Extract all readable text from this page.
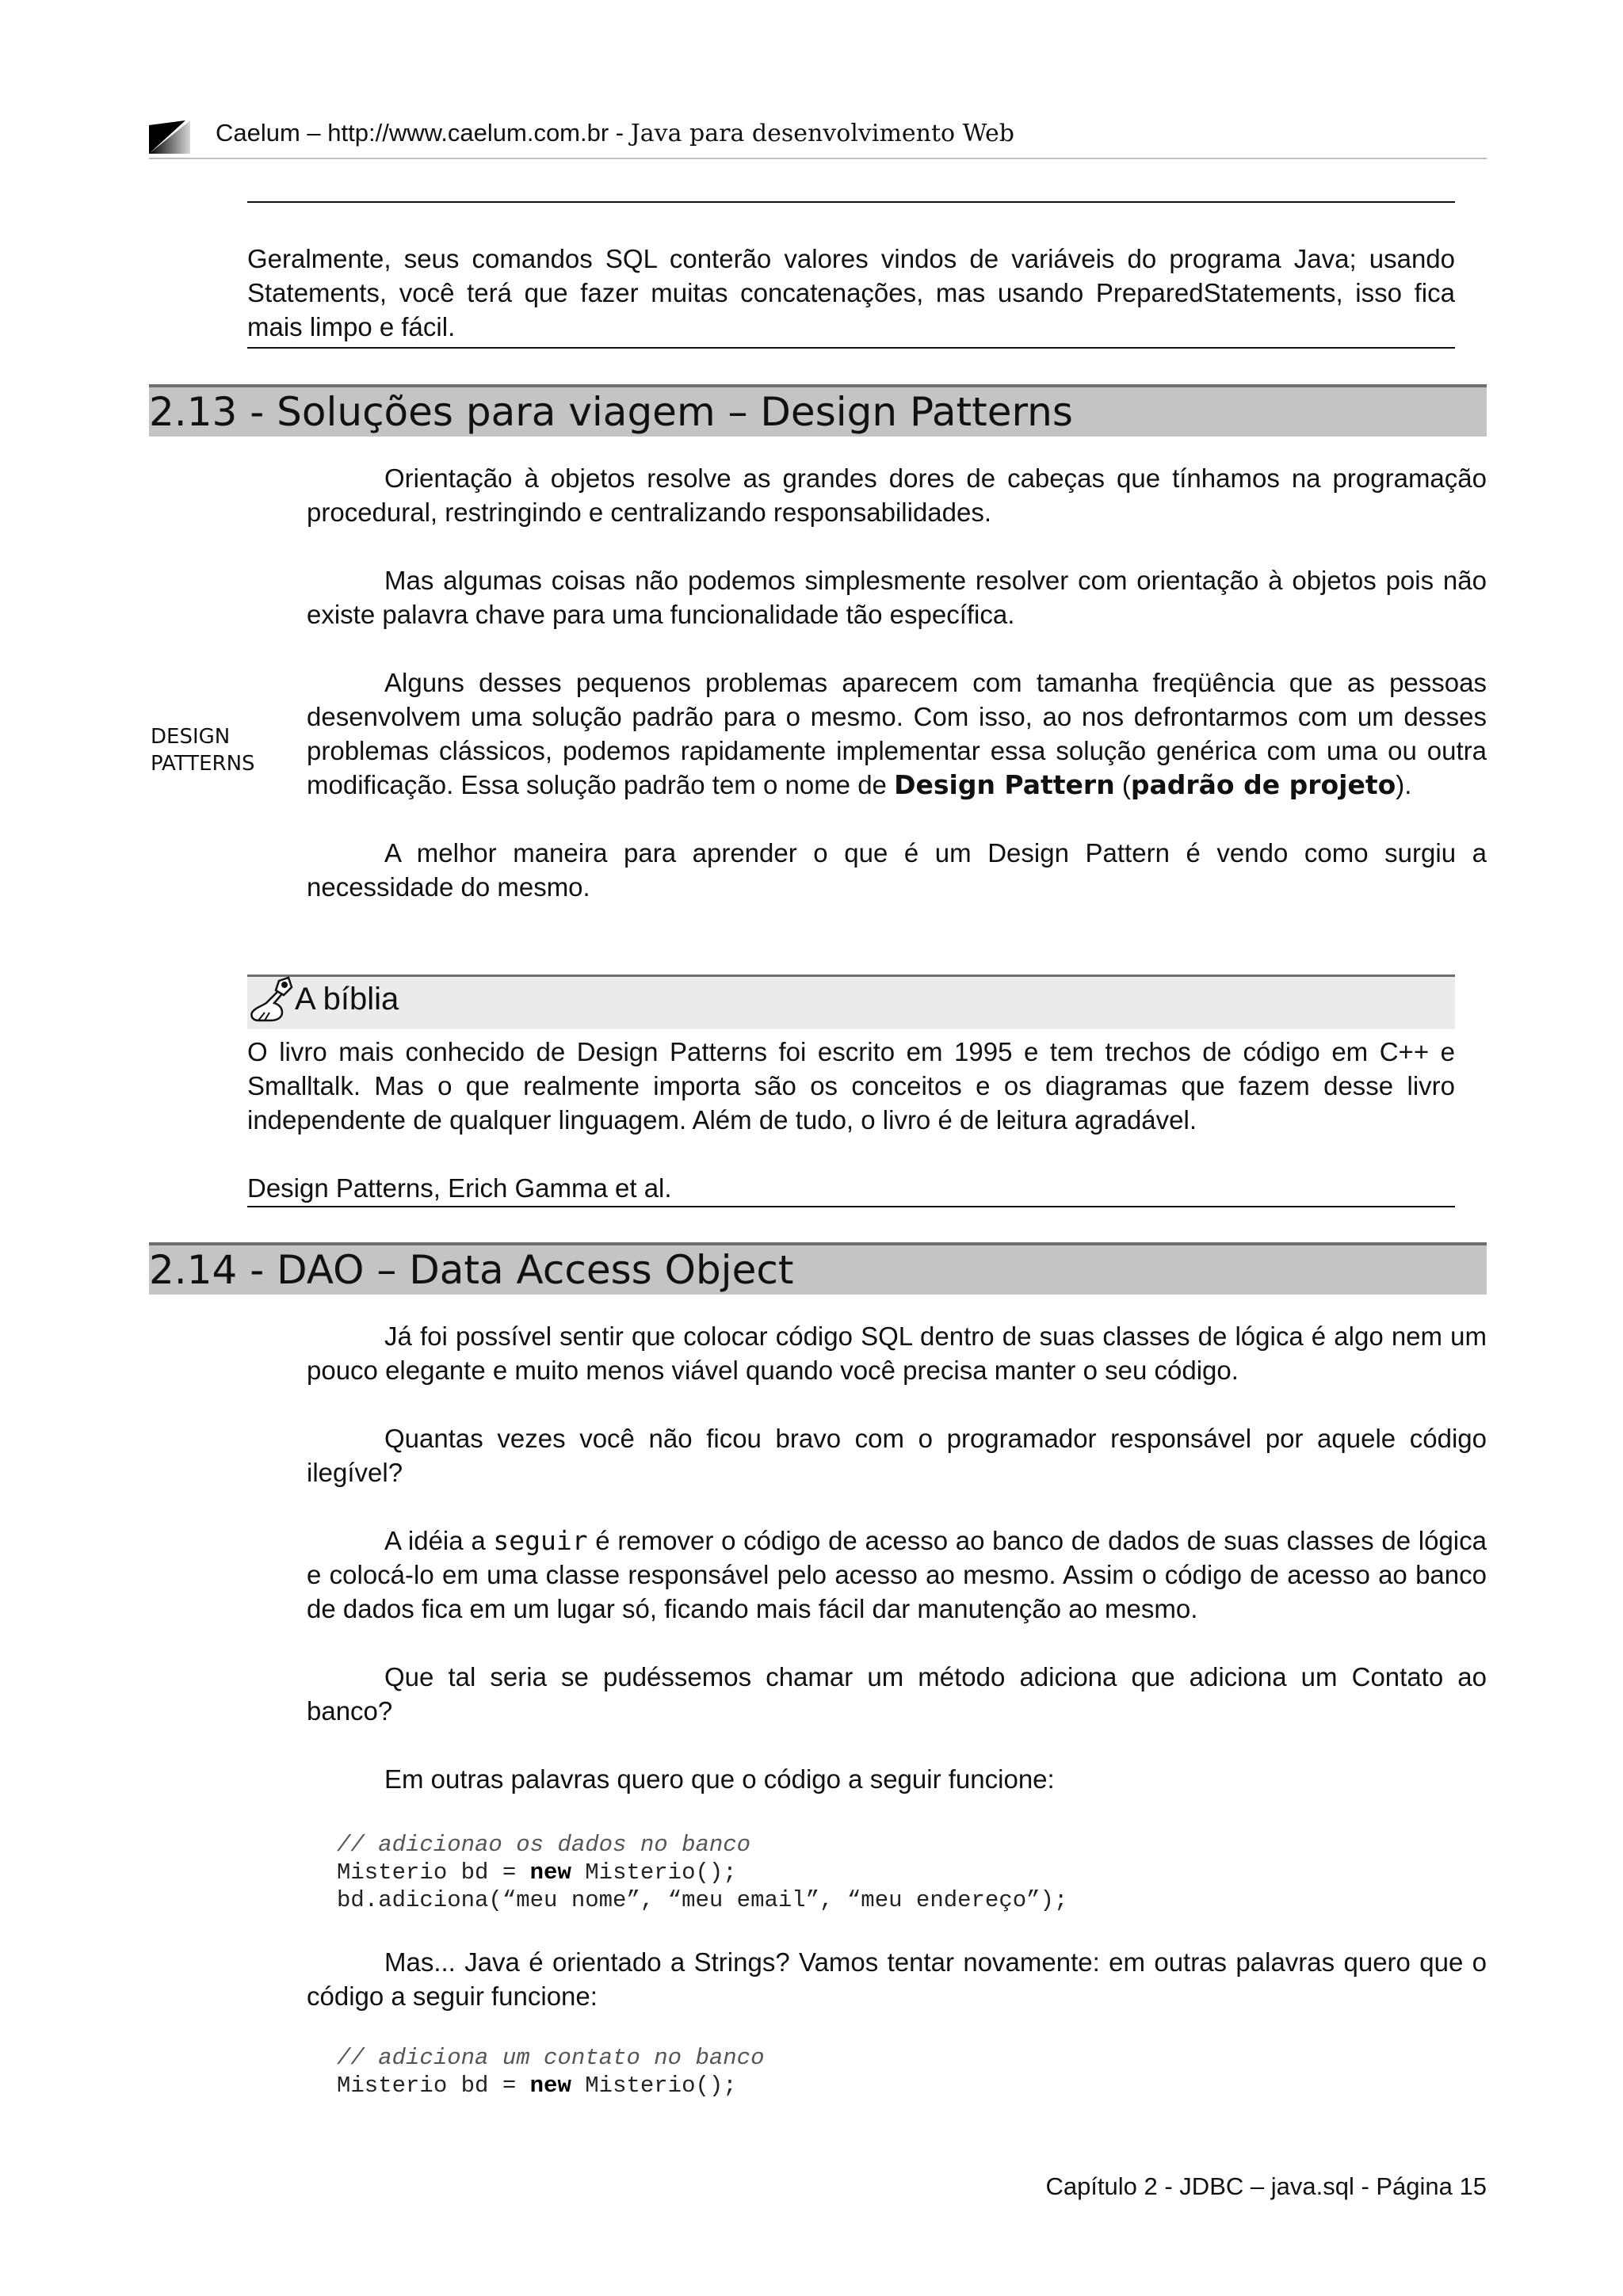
Caelum – http://www.caelum.com.br - Java para desenvolvimento Web

Geralmente, seus comandos SQL conterão valores vindos de variáveis do programa Java; usando Statements, você terá que fazer muitas concatenações, mas usando PreparedStatements, isso fica mais limpo e fácil.

2.13 - Soluções para viagem – Design Patterns

Orientação à objetos resolve as grandes dores de cabeças que tínhamos na programação procedural, restringindo e centralizando responsabilidades.

Mas algumas coisas não podemos simplesmente resolver com orientação à objetos pois não existe palavra chave para uma funcionalidade tão específica.

Alguns desses pequenos problemas aparecem com tamanha freqüência que as pessoas desenvolvem uma solução padrão para o mesmo. Com isso, ao nos defrontarmos com um desses problemas clássicos, podemos rapidamente implementar essa solução genérica com uma ou outra modificação. Essa solução padrão tem o nome de Design Pattern (padrão de projeto).

A melhor maneira para aprender o que é um Design Pattern é vendo como surgiu a necessidade do mesmo.

DESIGN
PATTERNS
A bíblia

O livro mais conhecido de Design Patterns foi escrito em 1995 e tem trechos de código em C++ e Smalltalk. Mas o que realmente importa são os conceitos e os diagramas que fazem desse livro independente de qualquer linguagem. Além de tudo, o livro é de leitura agradável.

Design Patterns, Erich Gamma et al.

2.14 - DAO – Data Access Object

Já foi possível sentir que colocar código SQL dentro de suas classes de lógica é algo nem um pouco elegante e muito menos viável quando você precisa manter o seu código.

Quantas vezes você não ficou bravo com o programador responsável por aquele código ilegível?

A idéia a seguir é remover o código de acesso ao banco de dados de suas classes de lógica e colocá-lo em uma classe responsável pelo acesso ao mesmo. Assim o código de acesso ao banco de dados fica em um lugar só, ficando mais fácil dar manutenção ao mesmo.

Que tal seria se pudéssemos chamar um método adiciona que adiciona um Contato ao banco?

Em outras palavras quero que o código a seguir funcione:

// adicionao os dados no banco
Misterio bd = new Misterio();
bd.adiciona(“meu nome”, “meu email”, “meu endereço”);

Mas... Java é orientado a Strings? Vamos tentar novamente: em outras palavras quero que o código a seguir funcione:

// adiciona um contato no banco
Misterio bd = new Misterio();
Capítulo 2 - JDBC – java.sql - Página 15
